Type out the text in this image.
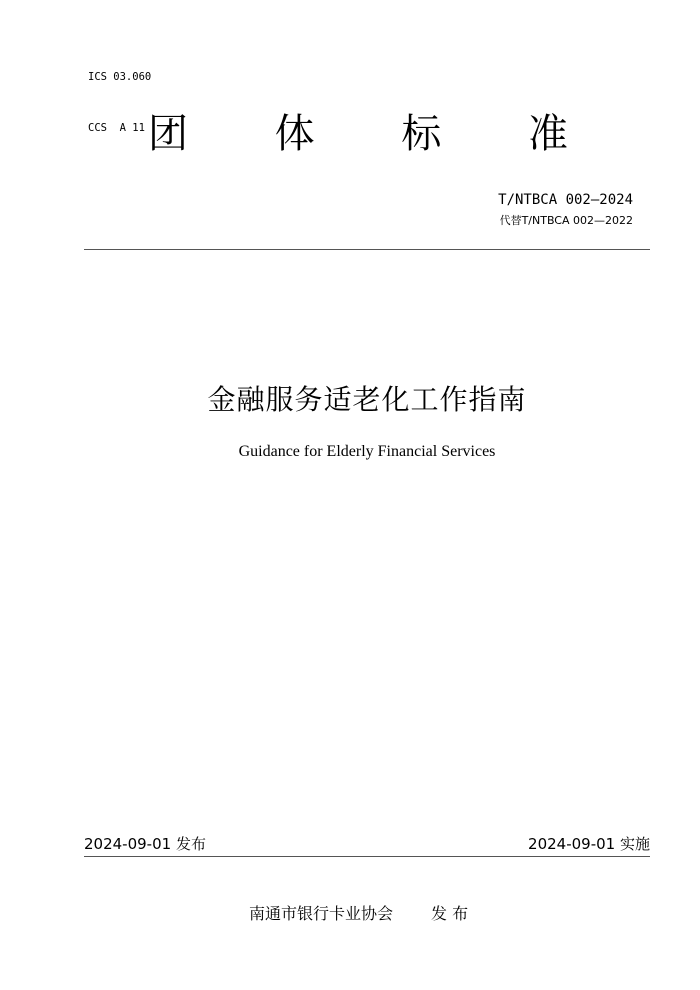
ICS 03.060

CCS  A 11 团 体 标 准
T/NTBCA 002—2024
代替T/NTBCA 002—2022
金融服务适老化工作指南
Guidance for Elderly Financial Services
2024-09-01 发布	2024-09-01 实施
南通市银行卡业协会 发 布
